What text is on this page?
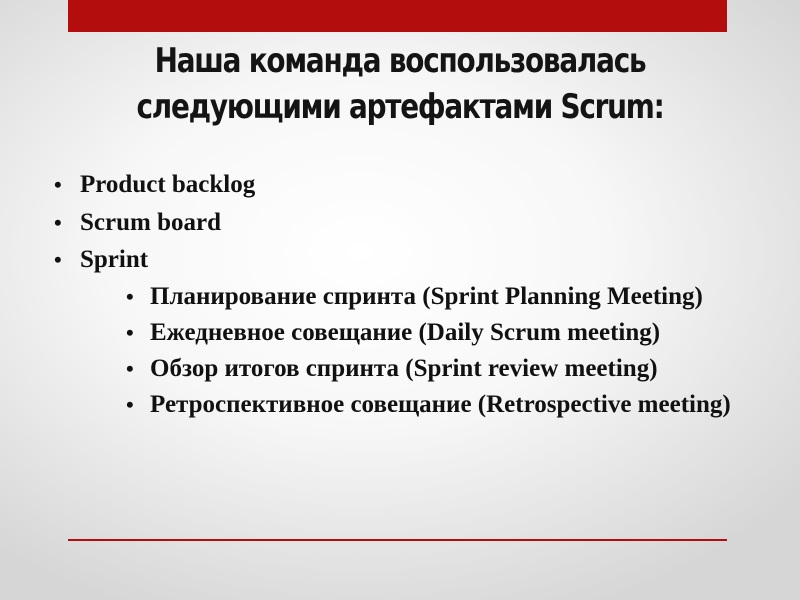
Наша команда воспользовалась
следующими артефактами Scrum:
• Product backlog
• Scrum board
• Sprint
• Планирование спринта (Sprint Planning Meeting)
• Ежедневное совещание (Daily Scrum meeting)
• Обзор итогов спринта (Sprint review meeting)
• Ретроспективное совещание (Retrospective meeting)
